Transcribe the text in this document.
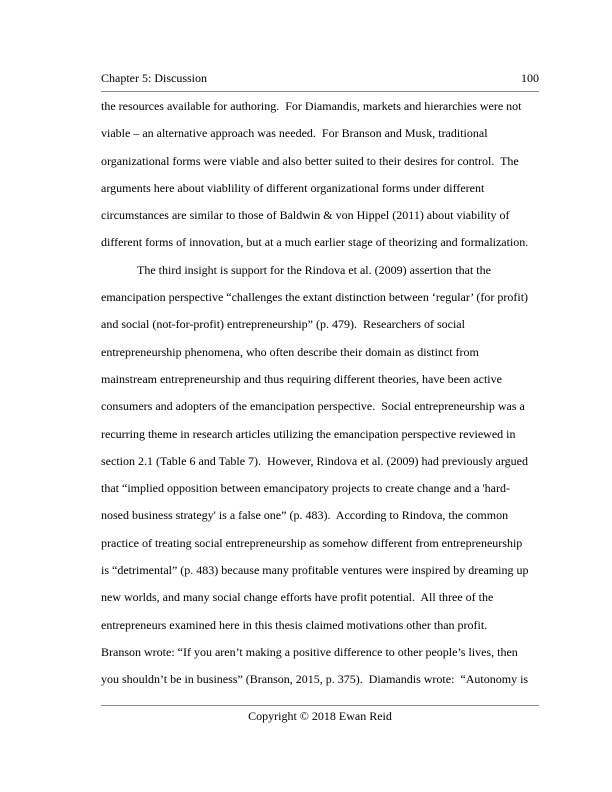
Chapter 5: Discussion	100
the resources available for authoring.  For Diamandis, markets and hierarchies were not
viable – an alternative approach was needed.  For Branson and Musk, traditional
organizational forms were viable and also better suited to their desires for control.  The
arguments here about viablility of different organizational forms under different
circumstances are similar to those of Baldwin & von Hippel (2011) about viability of
different forms of innovation, but at a much earlier stage of theorizing and formalization.
The third insight is support for the Rindova et al. (2009) assertion that the
emancipation perspective “challenges the extant distinction between ‘regular’ (for profit)
and social (not-for-profit) entrepreneurship” (p. 479).  Researchers of social
entrepreneurship phenomena, who often describe their domain as distinct from
mainstream entrepreneurship and thus requiring different theories, have been active
consumers and adopters of the emancipation perspective.  Social entrepreneurship was a
recurring theme in research articles utilizing the emancipation perspective reviewed in
section 2.1 (Table 6 and Table 7).  However, Rindova et al. (2009) had previously argued
that “implied opposition between emancipatory projects to create change and a 'hard-
nosed business strategy' is a false one” (p. 483).  According to Rindova, the common
practice of treating social entrepreneurship as somehow different from entrepreneurship
is “detrimental” (p. 483) because many profitable ventures were inspired by dreaming up
new worlds, and many social change efforts have profit potential.  All three of the
entrepreneurs examined here in this thesis claimed motivations other than profit.
Branson wrote: “If you aren’t making a positive difference to other people’s lives, then
you shouldn’t be in business” (Branson, 2015, p. 375).  Diamandis wrote:  “Autonomy is
Copyright © 2018 Ewan Reid
